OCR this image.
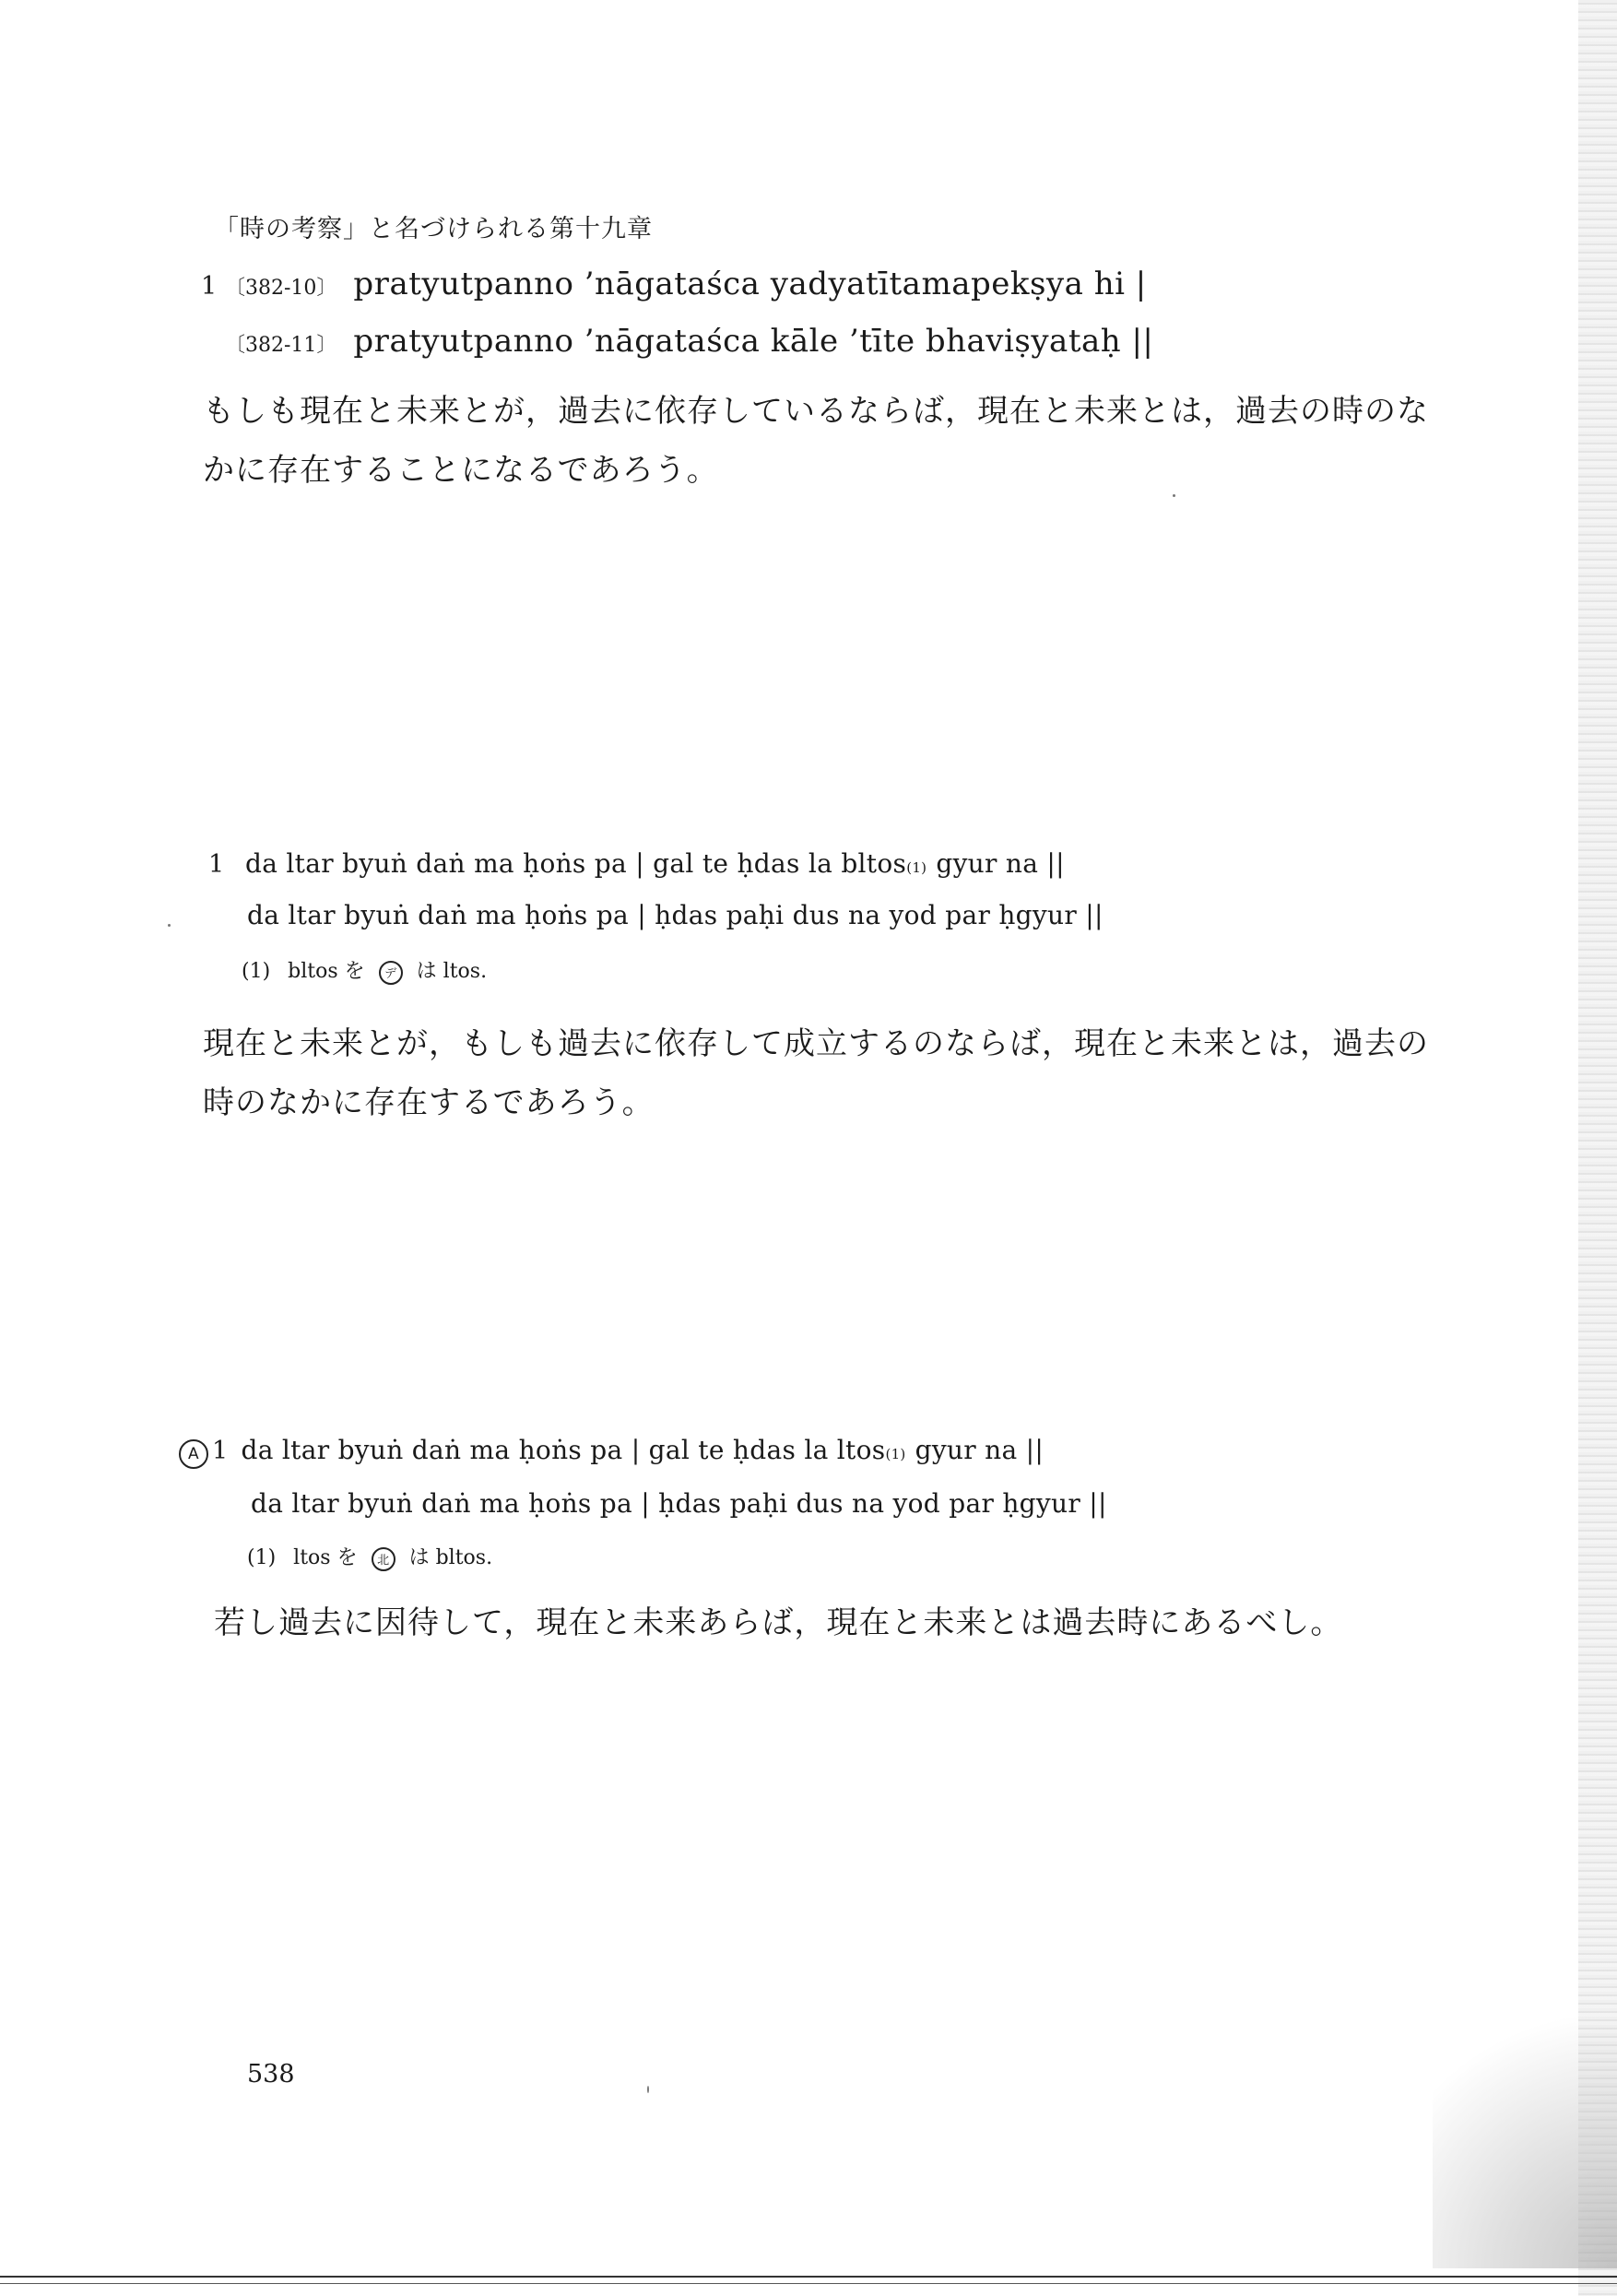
「時の考察」と名づけられる第十九章
1 〔382-10〕 pratyutpanno ’nāgataśca yadyatītamapekṣya hi |
〔382-11〕 pratyutpanno ’nāgataśca kāle ’tīte bhaviṣyataḥ ||

もしも現在と未来とが，過去に依存しているならば，現在と未来とは，過去の時のなかに存在することになるであろう。

1 da ltar byuṅ daṅ ma ḥoṅs pa | gal te ḥdas la bltos (1) gyur na ||
da ltar byuṅ daṅ ma ḥoṅs pa | ḥdas paḥi dus na yod par ḥgyur ||
(1) bltos を デ は ltos.

現在と未来とが，もしも過去に依存して成立するのならば，現在と未来とは，過去の時のなかに存在するであろう。

A 1 da ltar byuṅ daṅ ma ḥoṅs pa | gal te ḥdas la ltos (1) gyur na ||
da ltar byuṅ daṅ ma ḥoṅs pa | ḥdas paḥi dus na yod par ḥgyur ||
(1) ltos を 北 は bltos.

若し過去に因待して，現在と未来あらば，現在と未来とは過去時にあるべし。

538
